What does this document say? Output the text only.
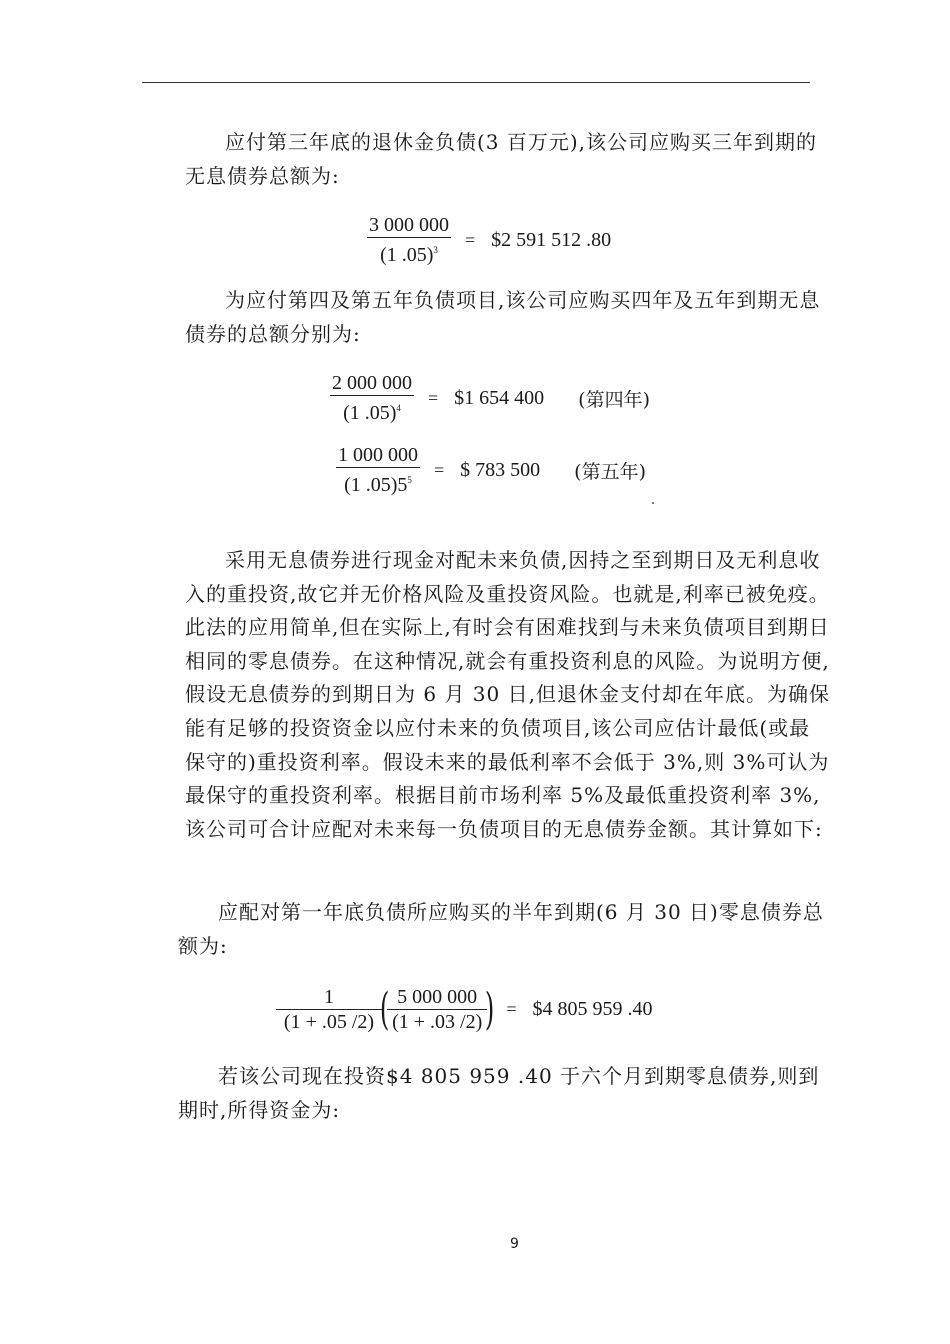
应付第三年底的退休金负债(3 百万元),该公司应购买三年到期的无息债券总额为:

$\frac{3 000 000}{(1 .05)^3}$ = $2 591 512 .80

为应付第四及第五年负债项目,该公司应购买四年及五年到期无息债券的总额分别为:

$\frac{2 000 000}{(1 .05)^4}$ = $1 654 400 (第四年)
$\frac{1 000 000}{(1 .05)5^5}$ = $ 783 500 (第五年)

采用无息债券进行现金对配未来负债,因持之至到期日及无利息收入的重投资,故它并无价格风险及重投资风险。也就是,利率已被免疫。此法的应用简单,但在实际上,有时会有困难找到与未来负债项目到期日相同的零息债券。在这种情况,就会有重投资利息的风险。为说明方便,假设无息债券的到期日为 6 月 30 日,但退休金支付却在年底。为确保能有足够的投资资金以应付未来的负债项目,该公司应估计最低(或最保守的)重投资利率。假设未来的最低利率不会低于 3%,则 3%可认为最保守的重投资利率。根据目前市场利率 5%及最低重投资利率 3%,该公司可合计应配对未来每一负债项目的无息债券金额。其计算如下:

应配对第一年底负债所应购买的半年到期(6 月 30 日)零息债券总额为:

$\frac{1}{(1 + .05 /2)}$
(
$\frac{5 000 000}{(1 + .03 /2)}$
) = $4 805 959 .40

若该公司现在投资$4 805 959 .40 于六个月到期零息债券,则到期时,所得资金为:

9
